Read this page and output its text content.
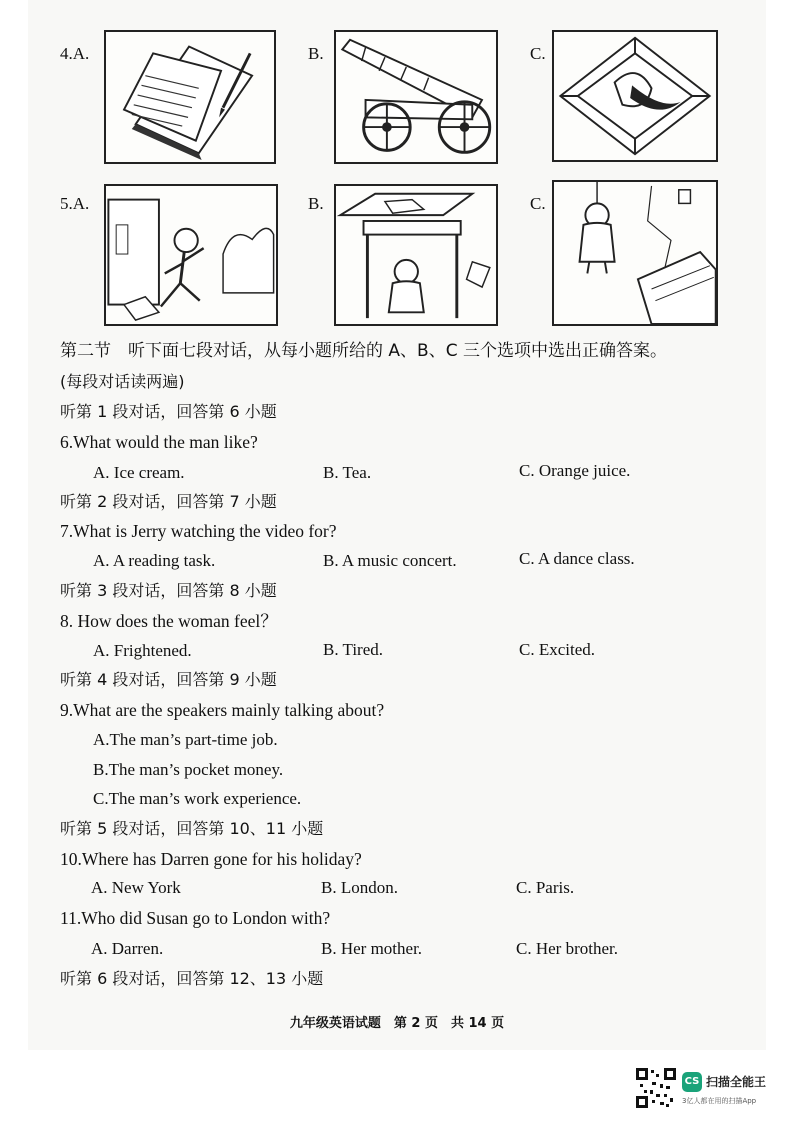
4.A.	B.	C.
5.A.	B.	C.
第二节　听下面七段对话，从每小题所给的 A、B、C 三个选项中选出正确答案。
(每段对话读两遍)
听第 1 段对话，回答第 6 小题
6.What would the man like?
A. Ice cream.	B. Tea.	C. Orange juice.
听第 2 段对话，回答第 7 小题
7.What is Jerry watching the video for?
A. A reading task.	B. A music concert.	C. A dance class.
听第 3 段对话，回答第 8 小题
8. How does the woman feel？
A. Frightened.	B. Tired.	C. Excited.
听第 4 段对话，回答第 9 小题
9.What are the speakers mainly talking about?
A.The man’s part-time job.
B.The man’s pocket money.
C.The man’s work experience.
听第 5 段对话，回答第 10、11 小题
10.Where has Darren gone for his holiday?
A. New York	B. London.	C. Paris.
11.Who did Susan go to London with?
A. Darren.	B. Her mother.	C. Her brother.
听第 6 段对话，回答第 12、13 小题
九年级英语试题　第 2 页　共 14 页
CS 扫描全能王
3亿人都在用的扫描App
